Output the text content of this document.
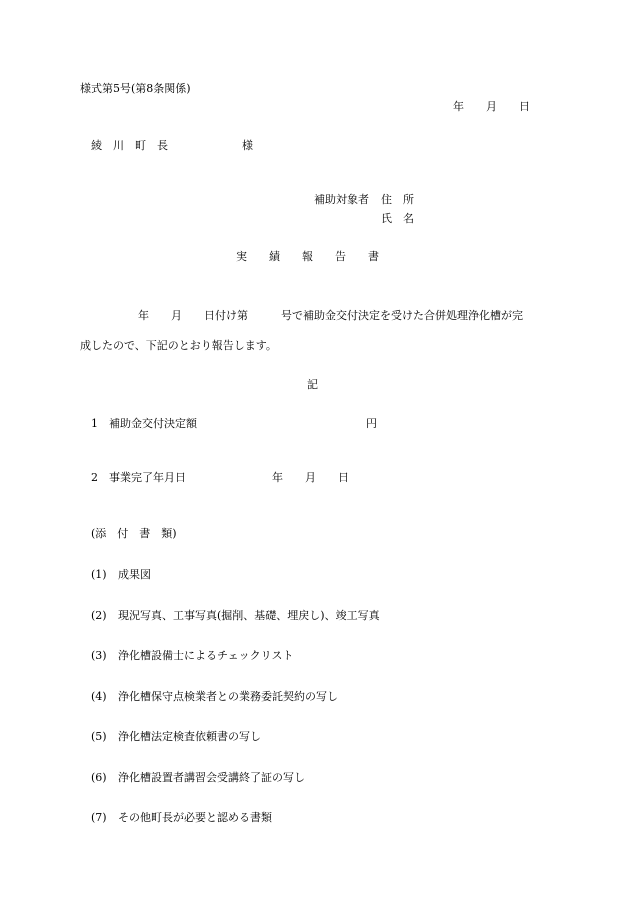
様式第5号(第8条関係)
年　　月　　日
綾　川　町　長	様
補助対象者 住　所
氏　名
実　　績　　報　　告　　書
年　　月　　日付け第　　　号で補助金交付決定を受けた合併処理浄化槽が完
成したので、下記のとおり報告します。
記
1　補助金交付決定額	円
2　事業完了年月日	年　　月　　日
(添　付　書　類)

(1) 成果図

(2) 現況写真、工事写真(掘削、基礎、埋戻し)、竣工写真

(3) 浄化槽設備士によるチェックリスト

(4) 浄化槽保守点検業者との業務委託契約の写し

(5) 浄化槽法定検査依頼書の写し

(6) 浄化槽設置者講習会受講終了証の写し

(7) その他町長が必要と認める書類
